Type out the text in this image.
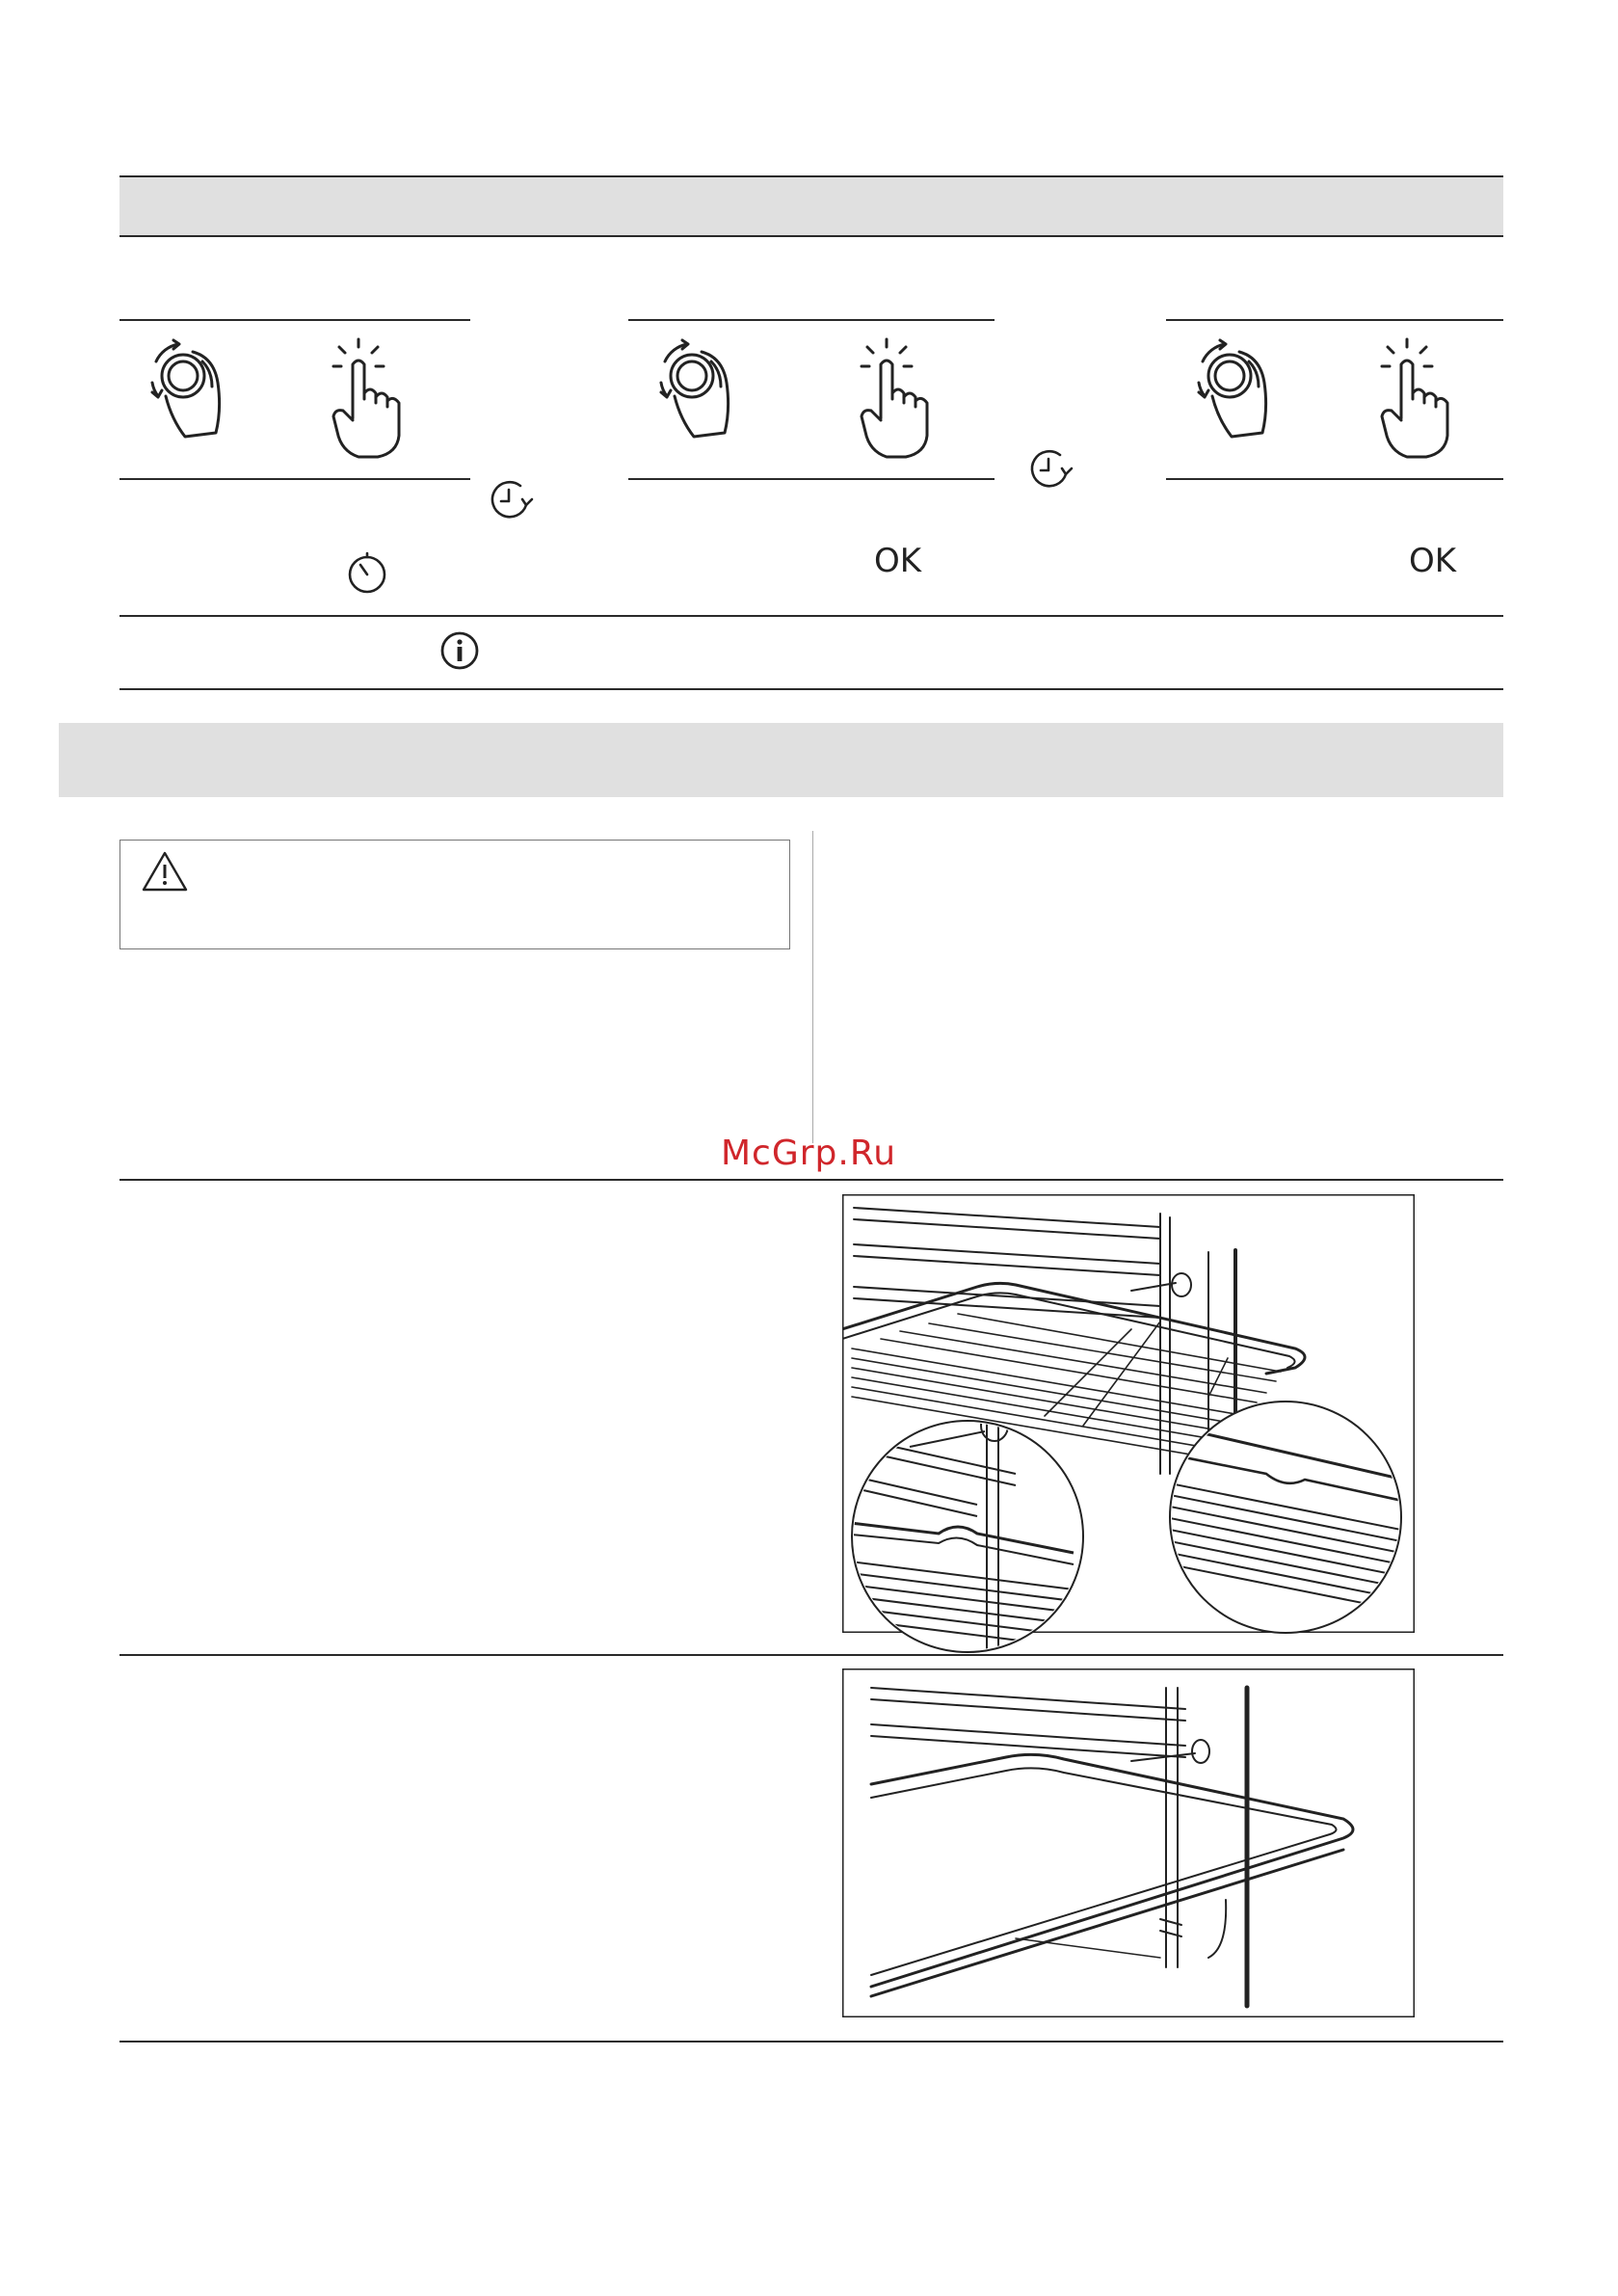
OK	OK
McGrp.Ru
